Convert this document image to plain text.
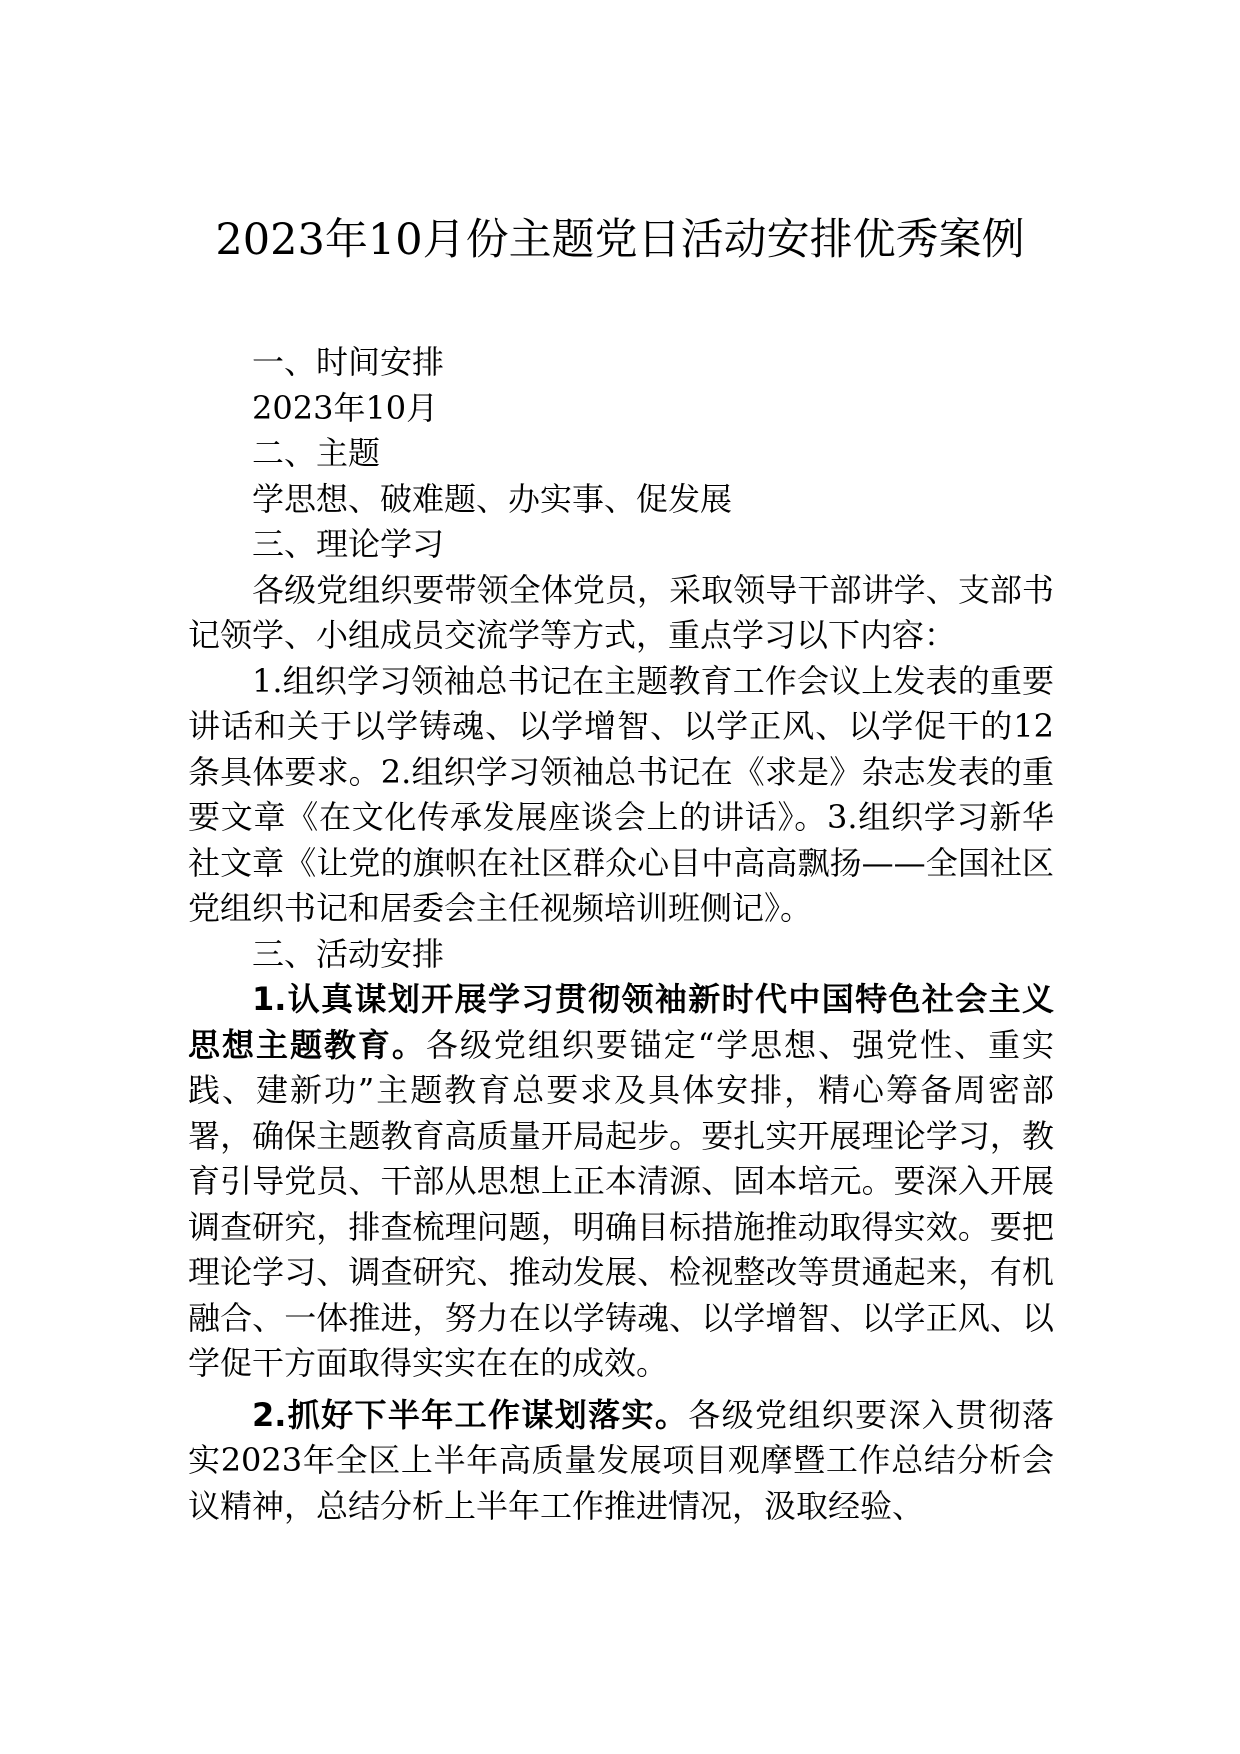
2023年10月份主题党日活动安排优秀案例

一、时间安排

2023年10月

二、主题

学思想、破难题、办实事、促发展

三、理论学习

各级党组织要带领全体党员，采取领导干部讲学、支部书记领学、小组成员交流学等方式，重点学习以下内容：

1.组织学习领袖总书记在主题教育工作会议上发表的重要讲话和关于以学铸魂、以学增智、以学正风、以学促干的12条具体要求。2.组织学习领袖总书记在《求是》杂志发表的重要文章《在文化传承发展座谈会上的讲话》。3.组织学习新华社文章《让党的旗帜在社区群众心目中高高飘扬——全国社区党组织书记和居委会主任视频培训班侧记》。

三、活动安排

1.认真谋划开展学习贯彻领袖新时代中国特色社会主义思想主题教育。各级党组织要锚定“学思想、强党性、重实践、建新功”主题教育总要求及具体安排，精心筹备周密部署，确保主题教育高质量开局起步。要扎实开展理论学习，教育引导党员、干部从思想上正本清源、固本培元。要深入开展调查研究，排查梳理问题，明确目标措施推动取得实效。要把理论学习、调查研究、推动发展、检视整改等贯通起来，有机融合、一体推进，努力在以学铸魂、以学增智、以学正风、以学促干方面取得实实在在的成效。

2.抓好下半年工作谋划落实。各级党组织要深入贯彻落实2023年全区上半年高质量发展项目观摩暨工作总结分析会议精神，总结分析上半年工作推进情况，汲取经验、
